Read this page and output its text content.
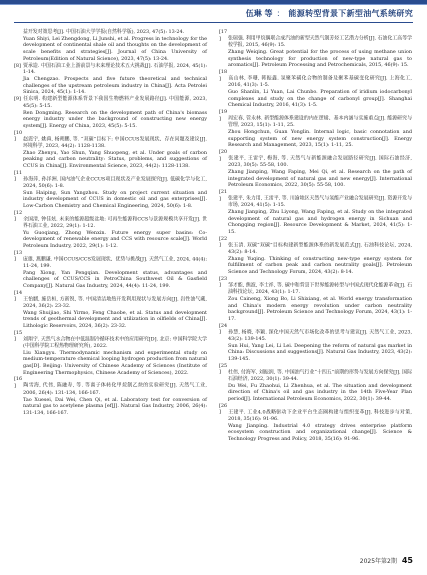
伍琳 等 ： 能源转型背景下新型油气系统研究

益开发对策思考[J]. 中国石油大学学报(自然科学版), 2023, 47(5): 13-24.

Yuan Shiyi, Lei Zhengdong, Li Junshi, et al. Progress in technology for the development of continental shale oil and thoughts on the development of scale benefits and strategies[J]. Journal of China University of Petroleum(Edition of Natural Science), 2023, 47(5): 13-24.

[8] 贾承造. 中国石油工业上游前景与未来理论技术五大挑战[J]. 石油学报, 2024, 45(1): 1-14.

Jia Chengzao. Prospects and five future theoretical and technical challenges of the upstream petroleum industry in China[J]. Acta Petrolei Sinica, 2024, 45(1): 1-14.

[9] 任东明. 构建新型能源体系背景下我国生物燃料产业发展路径[J]. 中国能源, 2023, 45(5): 5-15.

Ren Dongming. Research on the development path of China's biomass energy industry under the background of constructing new energy system[J]. Energy of China, 2023, 45(5): 5-15.

[10] 赵震宇, 姚舜, 杨朔鹏, 等. “双碳”目标下: 中国CCUS发展现状、存在问题及建议[J]. 环境科学, 2023, 44(2): 1128-1138.

Zhao Zhenyu, Yao Shun, Yang Shuopeng, et al. Under goals of carbon peaking and carbon neutrality: Status, problems, and suggestions of CCUS in China[J]. Environmental Science, 2023, 44(2): 1128-1138.

[11] 孙海萍, 孙洋洲. 国内油气企业CCUS项目现状及产业发展探究[J]. 低碳化学与化工, 2024, 50(6): 1-8.

Sun Haiping, Sun Yangzhou. Study on project current situation and industry development of CCUS in domestic oil and gas enterprises[J]. Low-Carbon Chemistry and Chemical Engineering, 2024, 50(6): 1-8.

[12] 余国清, 钟佳炫. 未来的能源超级盆地: 可再生能源和CCS与景源规模共享开发[J]. 世界石油工业, 2022, 29(1): 1-12.

Yu Guoqiang, Zhong Wenxin. Future energy super basins: Co-development of renewable energy and CCS with resource scale[J]. World Petroleum Industry, 2022, 29(1): 1-12.

[13] 庞雄, 燕鹏谦. 中国CCUS/CCS发展现状、优势与挑战[J]. 天然气工业, 2024, 44(4): 11-24, 199.

Pang Xiong, Yan Pengqian. Development status, advantages and challenges of CCUS/CCS in PetroChina Southwest Oil & Gasfield Company[J]. Natural Gas Industry, 2024, 44(4): 11-24, 199.

[14] 王怡麒, 施岳桓, 方新锐, 等. 中国清洁地热开发利用现状与发展方向[J]. 岩性油气藏, 2024, 36(2): 23-32.

Wang Shuijiao, Shi Yirmo, Feng Chaobe, et al. Status and development trends of geothermal development and utilization in oilfields of China[J]. Lithologic Reservoirs, 2024, 36(2): 23-32.

[15] 刘翔宇. 天然气水合物在中低温制冷循环技术中的应用研究[D]. 北京: 中国科学院大学(中国科学院工程热物理研究所), 2022.

Liu Xiangyu. Thermodynamic mechanism and experimental study on medium-temperature chemical looping hydrogen production from natural gas[D]. Beijing: University of Chinese Academy of Sciences (Institute of Engineering Thermophysics, Chinese Academy of Sciences), 2022.

[16] 陶雪海, 代伟, 陈融寿, 等. 等离子体转化甲烷制乙炔的实验研究[J]. 天然气工业, 2006, 26(4): 131-134, 166-167.

Tao Xuesei, Dai Wei, Chen Qi, et al. Laboratory test for conversion of natural gas to acetylene plasma [ef]J]. Natural Gas Industry, 2006, 26(4): 131-134, 166-167.

[17] 张瑞强. 利用甲烷偶联合成汽油的新型天然气制芳烃工艺潜力分析[J]. 石油化工高等学校学报, 2015, 46(9): 15.

Zhang Weiqing. Great potential for the process of using methane union synthesis technology for production of new-type natural gas to aromatics[J]. Petroleum Processing and Petrochemicals, 2015, 46(9): 15.

[18] 高山林, 李珊, 韩振鑫. 氢聚苯磺化合物的制备及聚苯基碳变化研究[J]. 上海化工, 2016, 41(3): 1-5.

Guo Shanlin, Li Yuan, Lai Chunbo. Preparation of iridium iodocarbonyl complexes and study on the change of carbonyl group[J]. Shanghai Chemical Industry, 2016, 41(3): 1-5.

[19] 周宏春, 管永林. 新型能源体系建设的内在逻辑、基本内涵与实施重点[J]. 能源研究与管理, 2023, 15(1): 1-11, 25.

Zhou Hongchun, Guan Yonglin. Internal logic, basic connotation and supporting system of new energy system construction[J]. Energy Research and Management, 2023, 15(1): 1-11, 25.

[20] 张建平, 王雷宇, 梅海, 等. 天然气与新能源融合发展路径研究[J]. 国际石油经济, 2023, 30(5): 55-58, 100.

Zhang Jianping, Wang Faping, Mei Qi, et al. Research on the path of integrated development of natural gas and new energy[J]. International Petroleum Economics, 2022, 30(5): 55-58, 100.

[21] 张建平, 朱力用, 王雷平, 等. 川渝地区天然气与氢能产业融合发展研究[J]. 资源开发与市场, 2024, 41(5): 1-15.

Zhang Jianping, Zhu Liyong, Wang Faping, et al. Study on the integrated development of natural gas and hydrogen energy in Sichuan and Chongqing region[J]. Resource Development & Market, 2024, 41(5): 1-15.

[22] 张玉清. 双碳“双碳”目标构建新型能源体系的新发展范式[J]. 石油科技论坛, 2024, 43(2): 8-14.

Zhang Yuqing. Thinking of constructing new-type energy system for fulfillment of carbon peak and carbon neutrality goals[J]. Petroleum Science and Technology Forum, 2024, 43(2): 8-14.

[23] 邹才能, 熊波, 李士祥, 等. 碳中和背景下世界能源转型与中国式现代化能源革命[J]. 石油科技论坛, 2024, 43(1): 1-17.

Zou Caineng, Xiong Bo, Li Shixiang, et al. World energy transformation and China's modern energy revolution under carbon neutrality background[J]. Petroleum Science and Technology Forum, 2024, 43(1): 1-17.

[24] 孙慧, 杨晓, 李颖. 深化中国天然气市场化改革的思考与建议[J]. 天然气工业, 2023, 43(2): 139-145.

Sun Hui, Yang Lei, Li Lei. Deepening the reform of natural gas market in China: Discussions and suggestions[J]. Natural Gas Industry, 2023, 43(2): 139-145.

[25] 杜伟, 付海军, 刘振润, 等. 中国油气行业“十四五”前期的形势与发展方向探究[J]. 国际石油经济, 2022, 30(1): 39-44.

Du Wei, Fu Zhaohui, Li Zhenhua, et al. The situation and development direction of China's oil and gas industry in the 14th Five-Year Plan period[J]. International Petroleum Economics, 2022, 30(1): 39-44.

[26] 王建平. 工业4.0战略驱动下企业平台生态圈构建与组织变革[J]. 科技进步与对策, 2018, 35(16): 91-96.

Wang Jianping. Industrial 4.0 strategy drives enterprise platform ecosystem construction and organizational change[J]. Science & Technology Progress and Policy, 2018, 35(16): 91-96.

2025年第2期 45
